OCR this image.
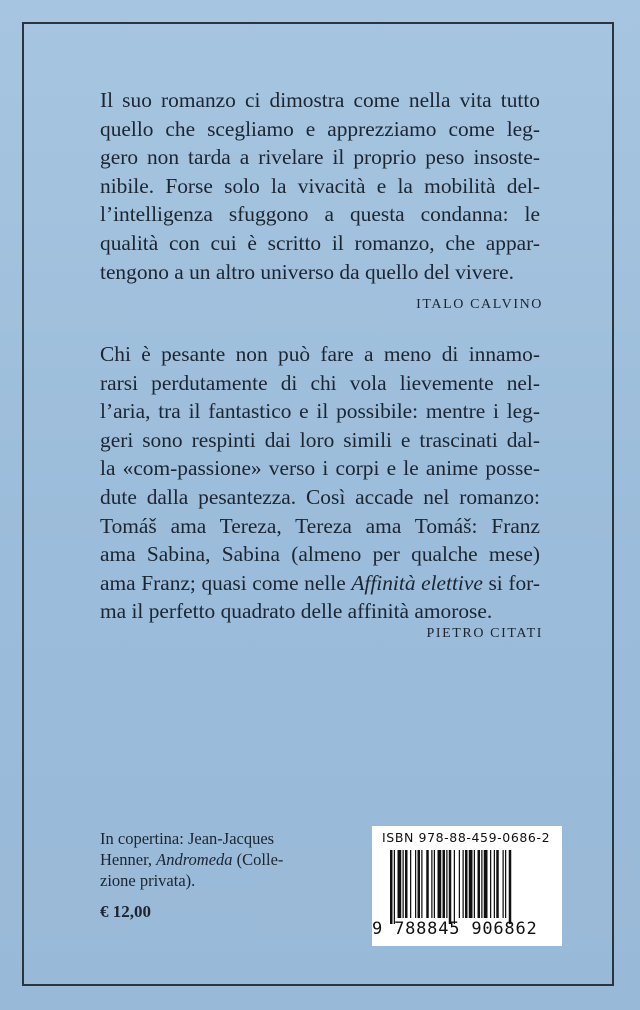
Il suo romanzo ci dimostra come nella vita tutto
quello che scegliamo e apprezziamo come leg-
gero non tarda a rivelare il proprio peso insoste-
nibile. Forse solo la vivacità e la mobilità del-
l’intelligenza sfuggono a questa condanna: le
qualità con cui è scritto il romanzo, che appar-
tengono a un altro universo da quello del vivere.
ITALO CALVINO
Chi è pesante non può fare a meno di innamo-
rarsi perdutamente di chi vola lievemente nel-
l’aria, tra il fantastico e il possibile: mentre i leg-
geri sono respinti dai loro simili e trascinati dal-
la «com-passione» verso i corpi e le anime posse-
dute dalla pesantezza. Così accade nel romanzo:
Tomáš ama Tereza, Tereza ama Tomáš: Franz
ama Sabina, Sabina (almeno per qualche mese)
ama Franz; quasi come nelle Affinità elettive si for-
ma il perfetto quadrato delle affinità amorose.
PIETRO CITATI
In copertina: Jean-Jacques
Henner, Andromeda (Colle-
zione privata).
€ 12,00
ISBN 978-88-459-0686-2
9 788845 906862
